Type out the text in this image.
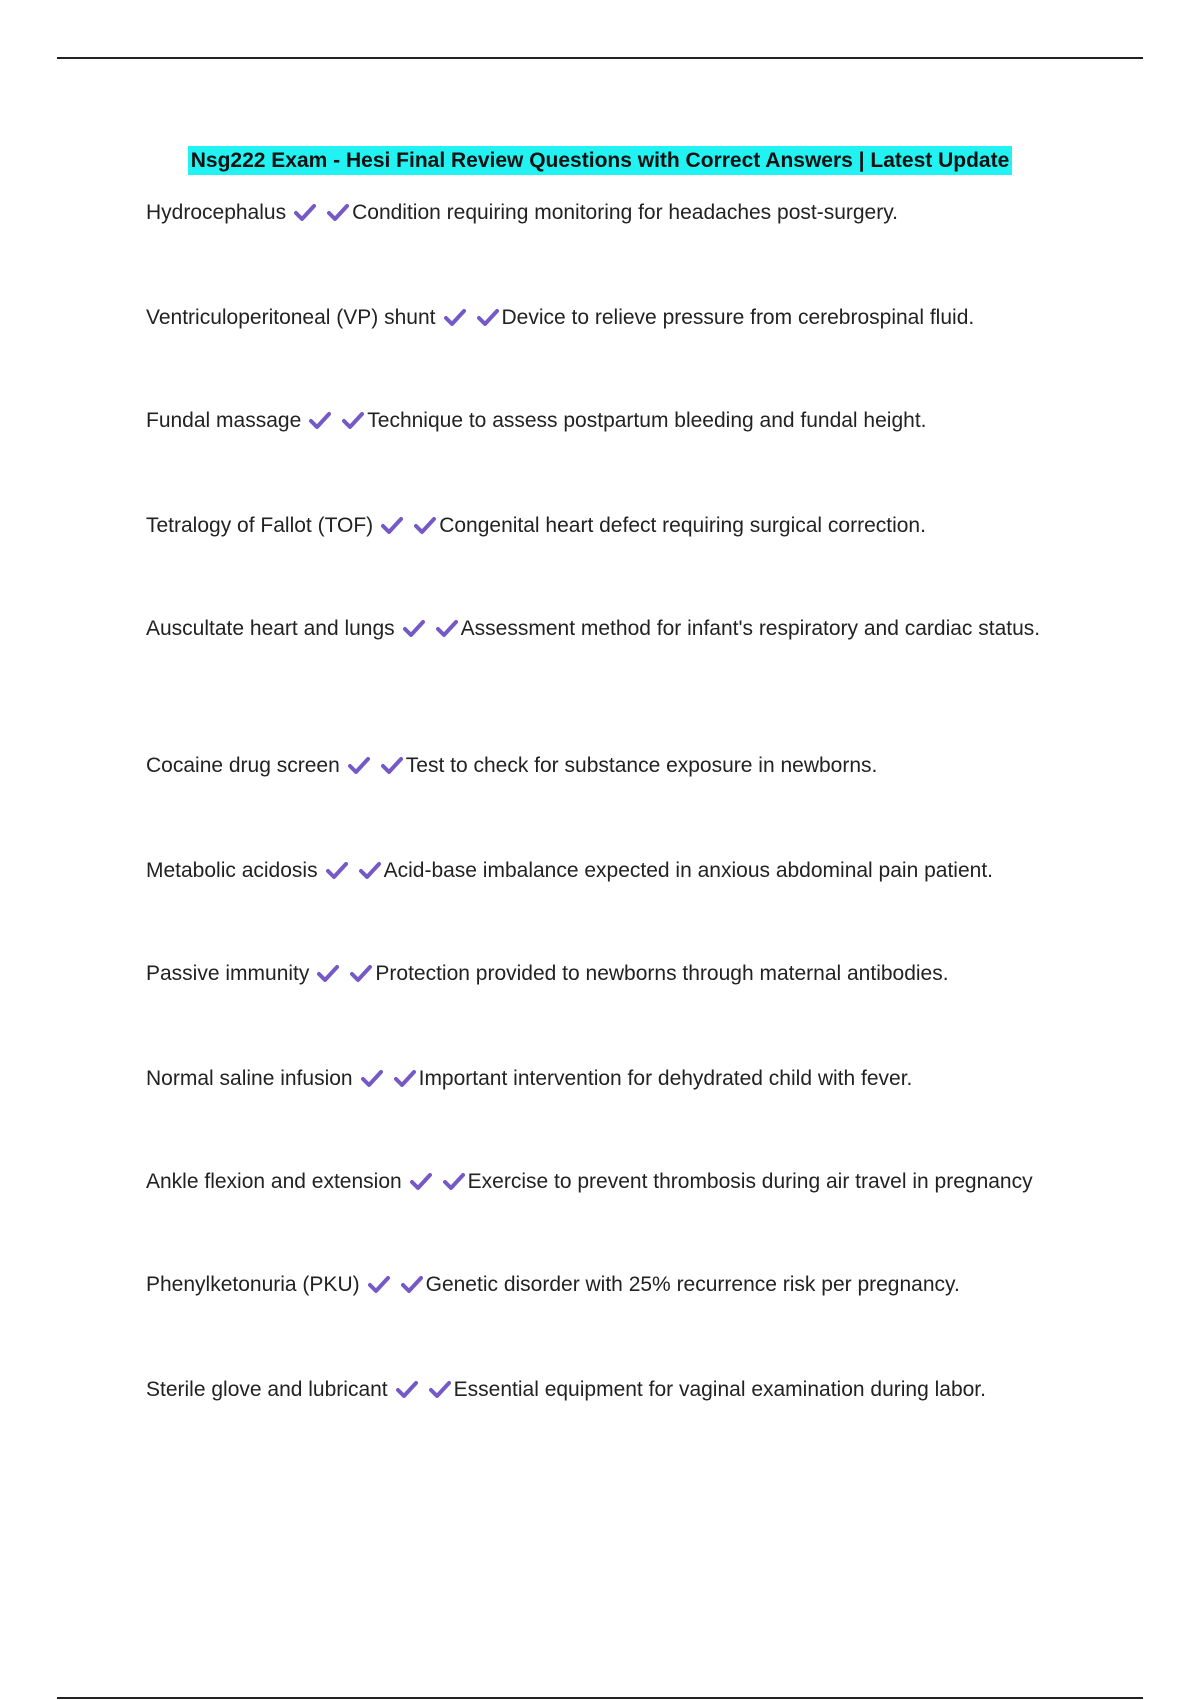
Nsg222 Exam - Hesi Final Review Questions with Correct Answers | Latest Update
Hydrocephalus	Condition requiring monitoring for headaches post-surgery.
Ventriculoperitoneal (VP) shunt	Device to relieve pressure from cerebrospinal fluid.
Fundal massage	Technique to assess postpartum bleeding and fundal height.
Tetralogy of Fallot (TOF)	Congenital heart defect requiring surgical correction.
Auscultate heart and lungs	Assessment method for infant's respiratory and cardiac status.
Cocaine drug screen	Test to check for substance exposure in newborns.
Metabolic acidosis	Acid-base imbalance expected in anxious abdominal pain patient.
Passive immunity	Protection provided to newborns through maternal antibodies.
Normal saline infusion	Important intervention for dehydrated child with fever.
Ankle flexion and extension	Exercise to prevent thrombosis during air travel in pregnancy
Phenylketonuria (PKU)	Genetic disorder with 25% recurrence risk per pregnancy.
Sterile glove and lubricant	Essential equipment for vaginal examination during labor.
